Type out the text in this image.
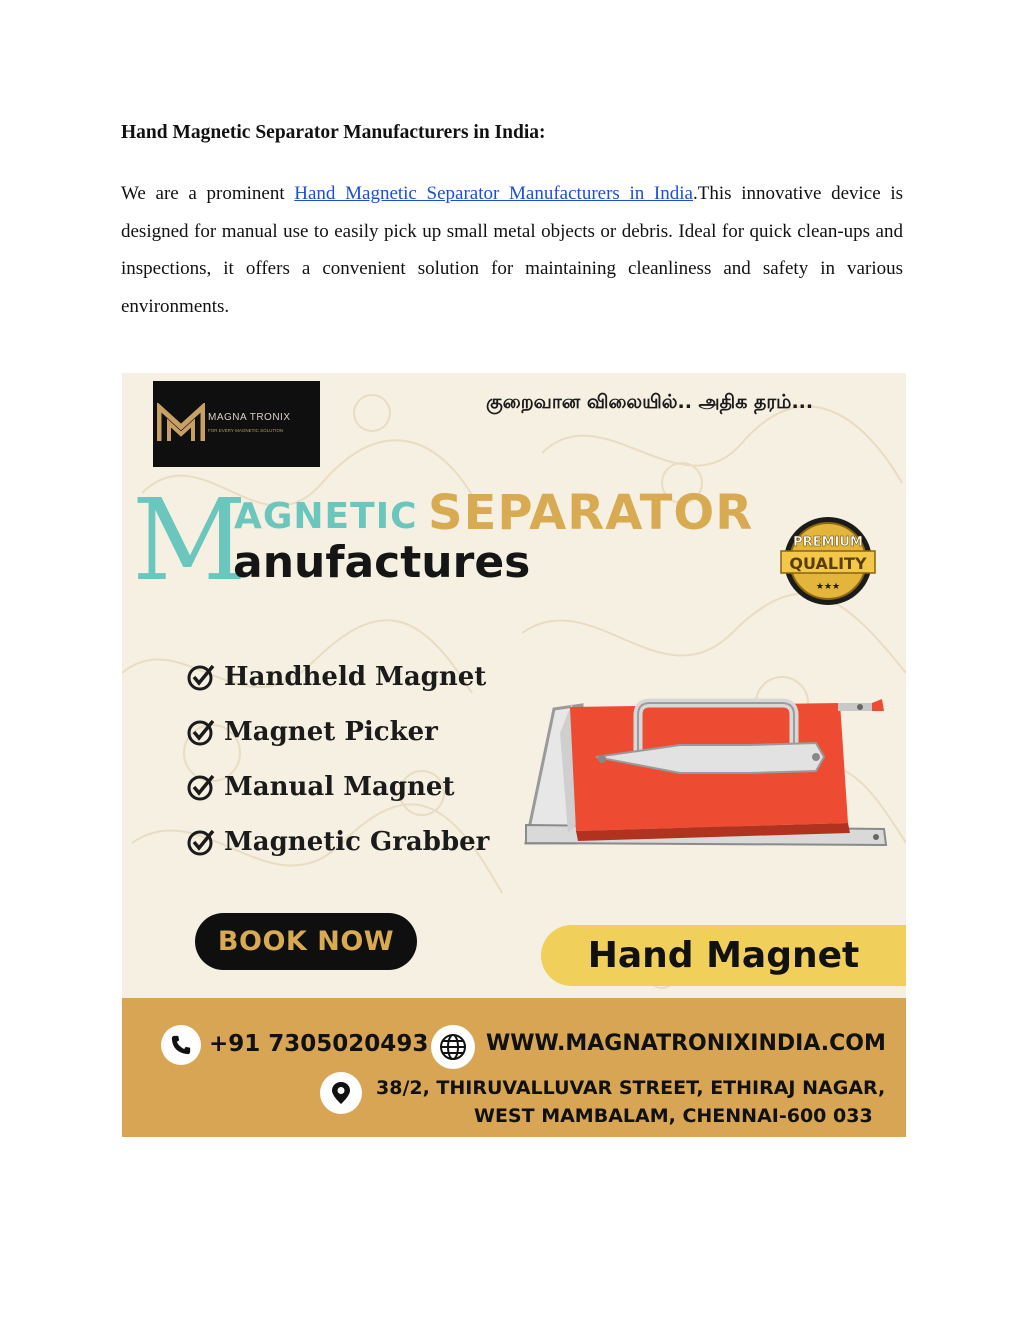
Hand Magnetic Separator Manufacturers in India:
We are a prominent Hand Magnetic Separator Manufacturers in India.This innovative device is designed for manual use to easily pick up small metal objects or debris. Ideal for quick clean-ups and inspections, it offers a convenient solution for maintaining cleanliness and safety in various environments.
MAGNA TRONIX
FOR EVERY MAGNETIC SOLUTION
குறைவான விலையில்.. அதிக தரம்...
M
AGNETIC SEPARATOR
anufactures	PREMIUM
QUALITY
★★★
Handheld Magnet
Magnet Picker
Manual Magnet
Magnetic Grabber
BOOK NOW	Hand Magnet
+91 7305020493	WWW.MAGNATRONIXINDIA.COM
38/2, THIRUVALLUVAR STREET, ETHIRAJ NAGAR,
WEST MAMBALAM, CHENNAI-600 033
